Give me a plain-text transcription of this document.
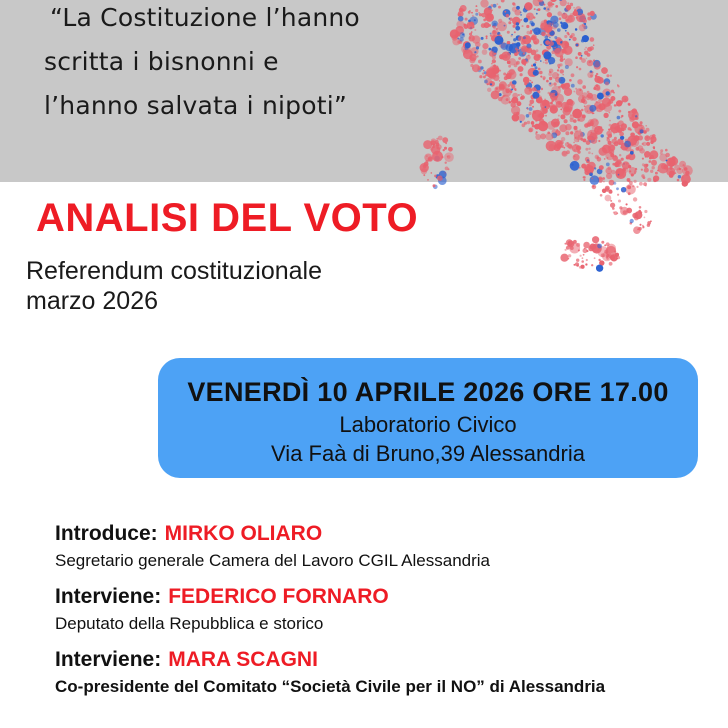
“La Costituzione l’hanno
scritta i bisnonni e
l’hanno salvata i nipoti”
ANALISI DEL VOTO
Referendum costituzionale
marzo 2026
VENERDÌ 10 APRILE 2026 ORE 17.00
Laboratorio Civico
Via Faà di Bruno,39 Alessandria
Introduce: MIRKO OLIARO
Segretario generale Camera del Lavoro CGIL Alessandria
Interviene: FEDERICO FORNARO
Deputato della Repubblica e storico
Interviene: MARA SCAGNI
Co-presidente del Comitato “Società Civile per il NO” di Alessandria
